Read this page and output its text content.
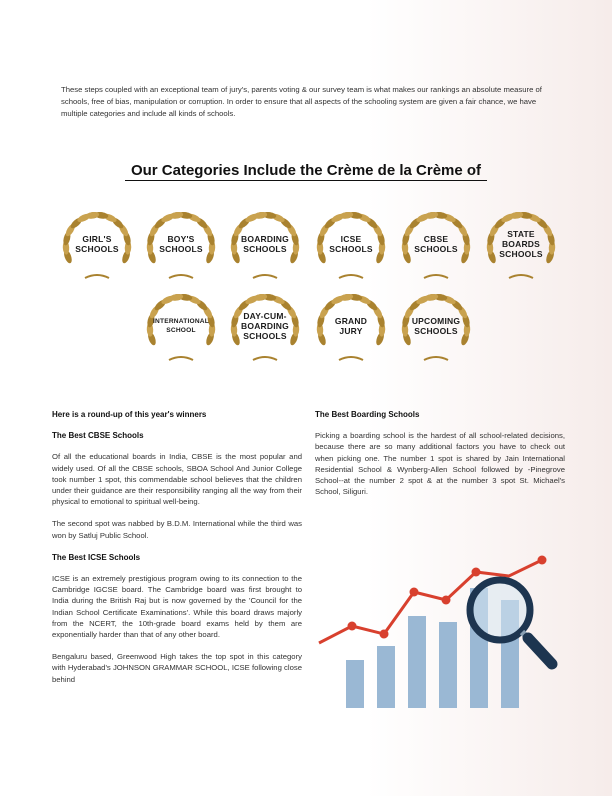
These steps coupled with an exceptional team of jury's, parents voting & our survey team is what makes our rankings an absolute measure of schools, free of bias, manipulation or corruption. In order to ensure that all aspects of the schooling system are given a fair chance, we have multiple categories and include all kinds of schools.
Our Categories Include the Crème de la Crème of
GIRL'S
SCHOOLS
BOY'S
SCHOOLS
BOARDING
SCHOOLS
ICSE
SCHOOLS
CBSE
SCHOOLS
STATE
BOARDS
SCHOOLS
INTERNATIONAL
SCHOOL
DAY-CUM-
BOARDING
SCHOOLS
GRAND
JURY
UPCOMING
SCHOOLS
Here is a round-up of this year's winners
The Best CBSE Schools

Of all the educational boards in India, CBSE is the most popular and widely used. Of all the CBSE schools, SBOA School And Junior College took number 1 spot, this commendable school believes that the children under their guidance are their responsibility ranging all the way from their physical to emotional to spiritual well-being.

The second spot was nabbed by B.D.M. International while the third was won by Satluj Public School.

The Best ICSE Schools

ICSE is an extremely prestigious program owing to its connection to the Cambridge IGCSE board. The Cambridge board was first brought to India during the British Raj but is now governed by the 'Council for the Indian School Certificate Examinations'. While this board draws majorly from the NCERT, the 10th-grade board exams held by them are exponentially harder than that of any other board.

Bengaluru based, Greenwood High takes the top spot in this category with Hyderabad's JOHNSON GRAMMAR SCHOOL, ICSE following close behind

The Best Boarding Schools

Picking a boarding school is the hardest of all school-related decisions, because there are so many additional factors you have to check out when picking one. The number 1 spot is shared by Jain International Residential School & Wynberg-Allen School followed by -Pinegrove School--at the number 2 spot & at the number 3 spot St. Michael's School, Siliguri.
